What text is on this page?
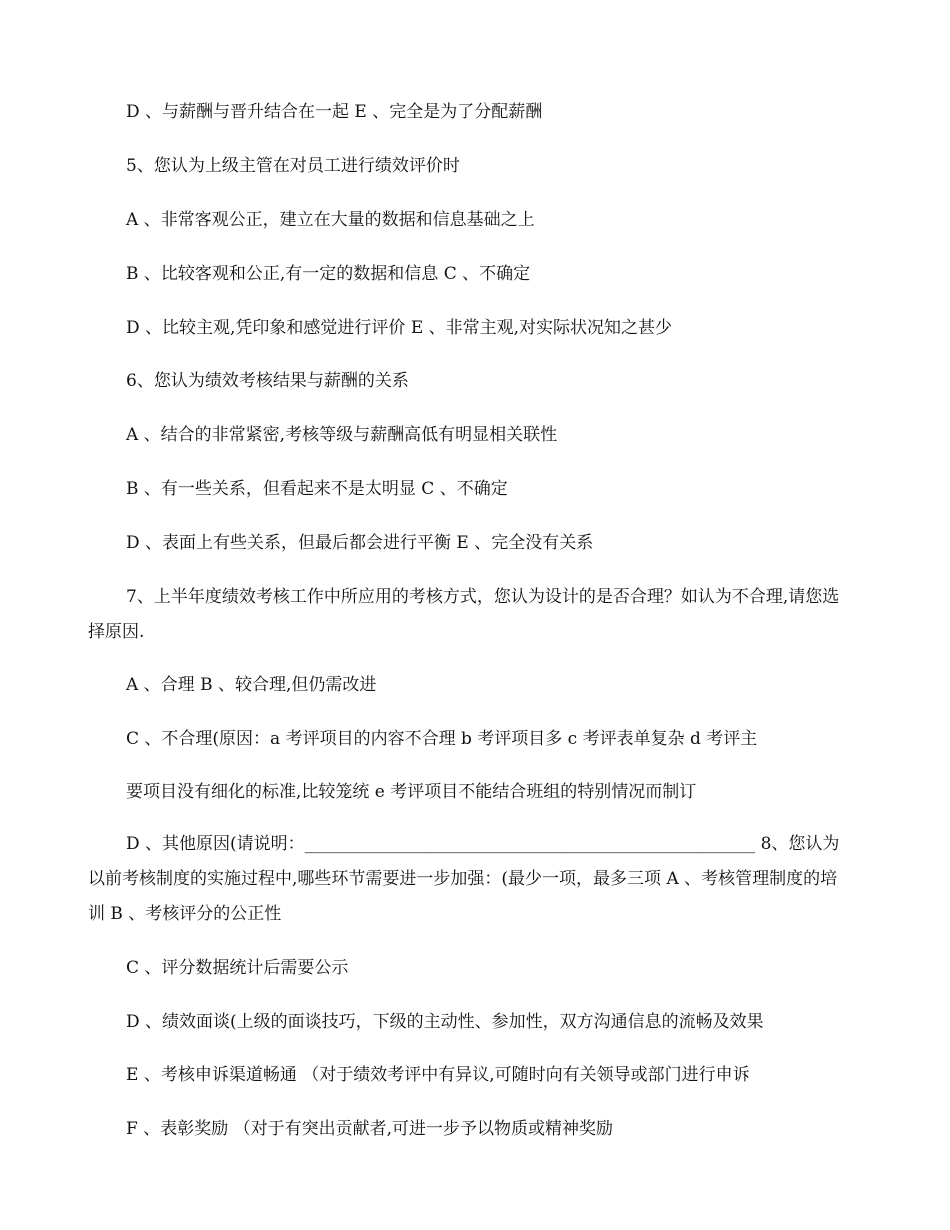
D 、与薪酬与晋升结合在一起 E 、完全是为了分配薪酬
5、您认为上级主管在对员工进行绩效评价时
A 、非常客观公正，建立在大量的数据和信息基础之上
B 、比较客观和公正,有一定的数据和信息 C 、不确定
D 、比较主观,凭印象和感觉进行评价 E 、非常主观,对实际状况知之甚少
6、您认为绩效考核结果与薪酬的关系
A 、结合的非常紧密,考核等级与薪酬高低有明显相关联性
B 、有一些关系，但看起来不是太明显 C 、不确定
D 、表面上有些关系，但最后都会进行平衡 E 、完全没有关系
7、上半年度绩效考核工作中所应用的考核方式，您认为设计的是否合理？如认为不合理,请您选择原因.
A 、合理 B 、较合理,但仍需改进
C 、不合理(原因：a 考评项目的内容不合理 b 考评项目多 c 考评表单复杂 d 考评主
要项目没有细化的标准,比较笼统 e 考评项目不能结合班组的特别情况而制订
D 、其他原因(请说明：_____________________________________________________ 8、您认为以前考核制度的实施过程中,哪些环节需要进一步加强：(最少一项，最多三项 A 、考核管理制度的培训 B 、考核评分的公正性
C 、评分数据统计后需要公示
D 、绩效面谈(上级的面谈技巧，下级的主动性、参加性，双方沟通信息的流畅及效果
E 、考核申诉渠道畅通 （对于绩效考评中有异议,可随时向有关领导或部门进行申诉
F 、表彰奖励 （对于有突出贡献者,可进一步予以物质或精神奖励
